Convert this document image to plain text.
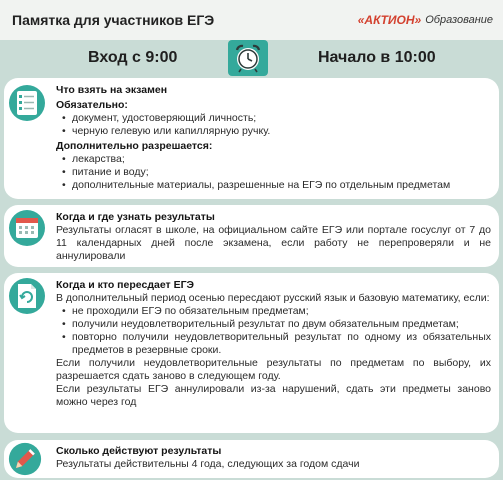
Памятка для участников ЕГЭ	«АКТИОН» Образование
Вход с 9:00	Начало в 10:00
Что взять на экзамен
Обязательно:
• документ, удостоверяющий личность;
• черную гелевую или капиллярную ручку.
Дополнительно разрешается:
• лекарства;
• питание и воду;
• дополнительные материалы, разрешенные на ЕГЭ по отдельным предметам
Когда и где узнать результаты
Результаты огласят в школе, на официальном сайте ЕГЭ или портале госуслуг от 7 до 11 календарных дней после экзамена, если работу не перепроверяли и не аннулировали
Когда и кто пересдает ЕГЭ
В дополнительный период осенью пересдают русский язык и базовую математику, если:
• не проходили ЕГЭ по обязательным предметам;
• получили неудовлетворительный результат по двум обязательным предметам;
• повторно получили неудовлетворительный результат по одному из обязательных предметов в резервные сроки.
Если получили неудовлетворительные результаты по предметам по выбору, их разрешается сдать заново в следующем году.
Если результаты ЕГЭ аннулировали из-за нарушений, сдать эти предметы заново можно через год
Сколько действуют результаты
Результаты действительны 4 года, следующих за годом сдачи
